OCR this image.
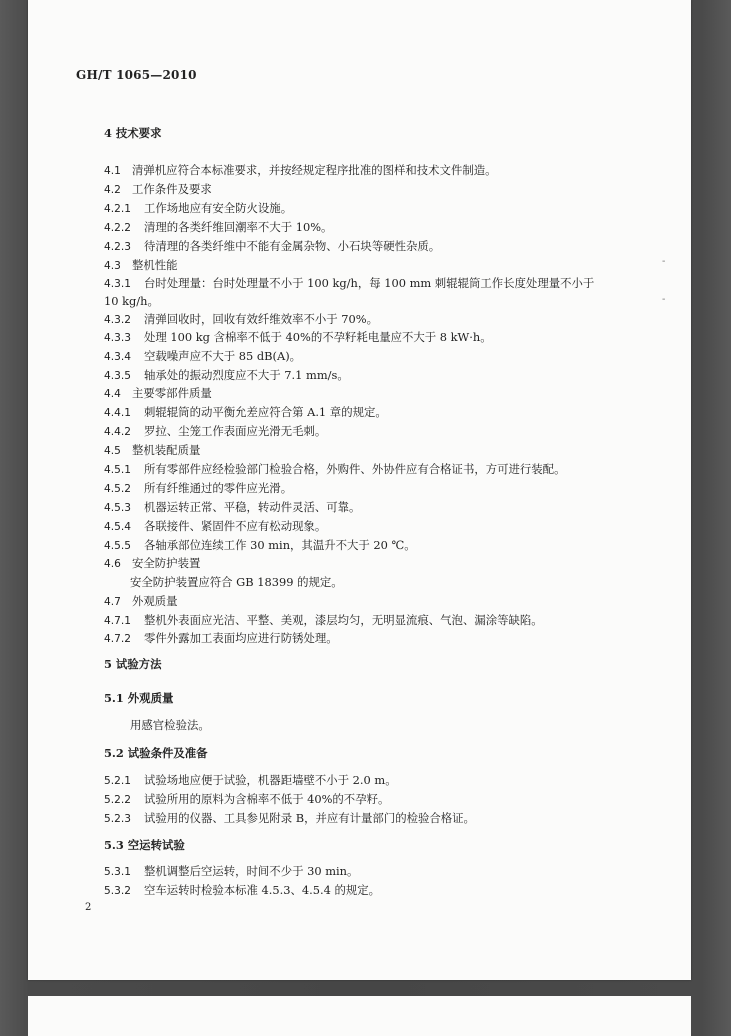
GH/T 1065—2010
4 技术要求
4.1 清弹机应符合本标准要求，并按经规定程序批准的图样和技术文件制造。
4.2 工作条件及要求
4.2.1 工作场地应有安全防火设施。
4.2.2 清理的各类纤维回潮率不大于 10%。
4.2.3 待清理的各类纤维中不能有金属杂物、小石块等硬性杂质。
4.3 整机性能
4.3.1 台时处理量：台时处理量不小于 100 kg/h，每 100 mm 刺辊辊筒工作长度处理量不小于
10 kg/h。
4.3.2 清弹回收时，回收有效纤维效率不小于 70%。
4.3.3 处理 100 kg 含棉率不低于 40%的不孕籽耗电量应不大于 8 kW·h。
4.3.4 空载噪声应不大于 85 dB(A)。
4.3.5 轴承处的振动烈度应不大于 7.1 mm/s。
4.4 主要零部件质量
4.4.1 刺辊辊筒的动平衡允差应符合第 A.1 章的规定。
4.4.2 罗拉、尘笼工作表面应光滑无毛刺。
4.5 整机装配质量
4.5.1 所有零部件应经检验部门检验合格，外购件、外协件应有合格证书，方可进行装配。
4.5.2 所有纤维通过的零件应光滑。
4.5.3 机器运转正常、平稳，转动件灵活、可靠。
4.5.4 各联接件、紧固件不应有松动现象。
4.5.5 各轴承部位连续工作 30 min，其温升不大于 20 ℃。
4.6 安全防护装置
安全防护装置应符合 GB 18399 的规定。
4.7 外观质量
4.7.1 整机外表面应光洁、平整、美观，漆层均匀，无明显流痕、气泡、漏涂等缺陷。
4.7.2 零件外露加工表面均应进行防锈处理。
5 试验方法
5.1 外观质量
用感官检验法。
5.2 试验条件及准备
5.2.1 试验场地应便于试验，机器距墙壁不小于 2.0 m。
5.2.2 试验所用的原料为含棉率不低于 40%的不孕籽。
5.2.3 试验用的仪器、工具参见附录 B，并应有计量部门的检验合格证。
5.3 空运转试验
5.3.1 整机调整后空运转，时间不少于 30 min。
5.3.2 空车运转时检验本标准 4.5.3、4.5.4 的规定。
2
-
-
